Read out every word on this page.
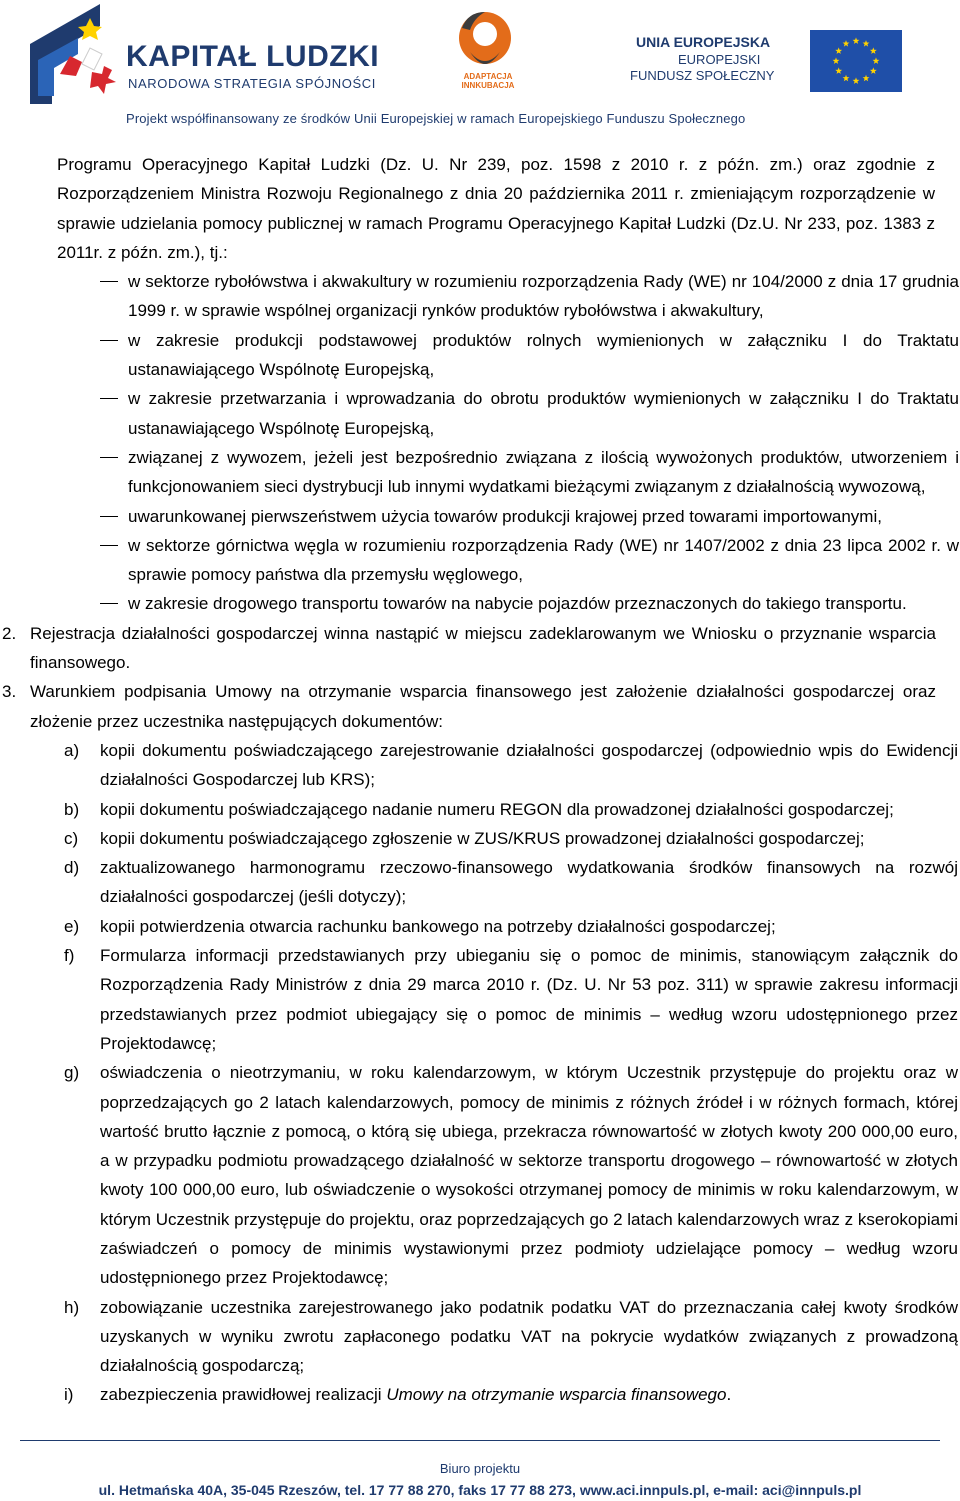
KAPITAŁ LUDZKI
NARODOWA STRATEGIA SPÓJNOŚCI	ADAPTACJA
INNKUBACJA
UNIA EUROPEJSKA
EUROPEJSKI
FUNDUSZ SPOŁECZNY
Projekt współfinansowany ze środków Unii Europejskiej w ramach Europejskiego Funduszu Społecznego

Programu Operacyjnego Kapitał Ludzki (Dz. U. Nr 239, poz. 1598 z 2010 r. z późn. zm.) oraz zgodnie z Rozporządzeniem Ministra Rozwoju Regionalnego z dnia 20 października 2011 r. zmieniającym rozporządzenie w sprawie udzielania pomocy publicznej w ramach Programu Operacyjnego Kapitał Ludzki (Dz.U. Nr 233, poz. 1383 z 2011r. z późn. zm.), tj.:

w sektorze rybołówstwa i akwakultury w rozumieniu rozporządzenia Rady (WE) nr 104/2000 z dnia 17 grudnia 1999 r. w sprawie wspólnej organizacji rynków produktów rybołówstwa i akwakultury,
w zakresie produkcji podstawowej produktów rolnych wymienionych w załączniku I do Traktatu ustanawiającego Wspólnotę Europejską,
w zakresie przetwarzania i wprowadzania do obrotu produktów wymienionych w załączniku I do Traktatu ustanawiającego Wspólnotę Europejską,
związanej z wywozem, jeżeli jest bezpośrednio związana z ilością wywożonych produktów, utworzeniem i funkcjonowaniem sieci dystrybucji lub innymi wydatkami bieżącymi związanym z działalnością wywozową,
uwarunkowanej pierwszeństwem użycia towarów produkcji krajowej przed towarami importowanymi,
w sektorze górnictwa węgla w rozumieniu rozporządzenia Rady (WE) nr 1407/2002 z dnia 23 lipca 2002 r. w sprawie pomocy państwa dla przemysłu węglowego,
w zakresie drogowego transportu towarów na nabycie pojazdów przeznaczonych do takiego transportu.
2. Rejestracja działalności gospodarczej winna nastąpić w miejscu zadeklarowanym we Wniosku o przyznanie wsparcia finansowego.
3. Warunkiem podpisania Umowy na otrzymanie wsparcia finansowego jest założenie działalności gospodarczej oraz złożenie przez uczestnika następujących dokumentów:
a) kopii dokumentu poświadczającego zarejestrowanie działalności gospodarczej (odpowiednio wpis do Ewidencji działalności Gospodarczej lub KRS);
b) kopii dokumentu poświadczającego nadanie numeru REGON dla prowadzonej działalności gospodarczej;
c) kopii dokumentu poświadczającego zgłoszenie w ZUS/KRUS prowadzonej działalności gospodarczej;
d) zaktualizowanego harmonogramu rzeczowo-finansowego wydatkowania środków finansowych na rozwój działalności gospodarczej (jeśli dotyczy);
e) kopii potwierdzenia otwarcia rachunku bankowego na potrzeby działalności gospodarczej;
f) Formularza informacji przedstawianych przy ubieganiu się o pomoc de minimis, stanowiącym załącznik do Rozporządzenia Rady Ministrów z dnia 29 marca 2010 r. (Dz. U. Nr 53 poz. 311) w sprawie zakresu informacji przedstawianych przez podmiot ubiegający się o pomoc de minimis – według wzoru udostępnionego przez Projektodawcę;
g) oświadczenia o nieotrzymaniu, w roku kalendarzowym, w którym Uczestnik przystępuje do projektu oraz w poprzedzających go 2 latach kalendarzowych, pomocy de minimis z różnych źródeł i w różnych formach, której wartość brutto łącznie z pomocą, o którą się ubiega, przekracza równowartość w złotych kwoty 200 000,00 euro, a w przypadku podmiotu prowadzącego działalność w sektorze transportu drogowego – równowartość w złotych kwoty 100 000,00 euro, lub oświadczenie o wysokości otrzymanej pomocy de minimis w roku kalendarzowym, w którym Uczestnik przystępuje do projektu, oraz poprzedzających go 2 latach kalendarzowych wraz z kserokopiami zaświadczeń o pomocy de minimis wystawionymi przez podmioty udzielające pomocy – według wzoru udostępnionego przez Projektodawcę;
h) zobowiązanie uczestnika zarejestrowanego jako podatnik podatku VAT do przeznaczania całej kwoty środków uzyskanych w wyniku zwrotu zapłaconego podatku VAT na pokrycie wydatków związanych z prowadzoną działalnością gospodarczą;
i) zabezpieczenia prawidłowej realizacji Umowy na otrzymanie wsparcia finansowego.
Biuro projektu
ul. Hetmańska 40A, 35-045 Rzeszów, tel. 17 77 88 270, faks 17 77 88 273, www.aci.innpuls.pl, e-mail: aci@innpuls.pl
